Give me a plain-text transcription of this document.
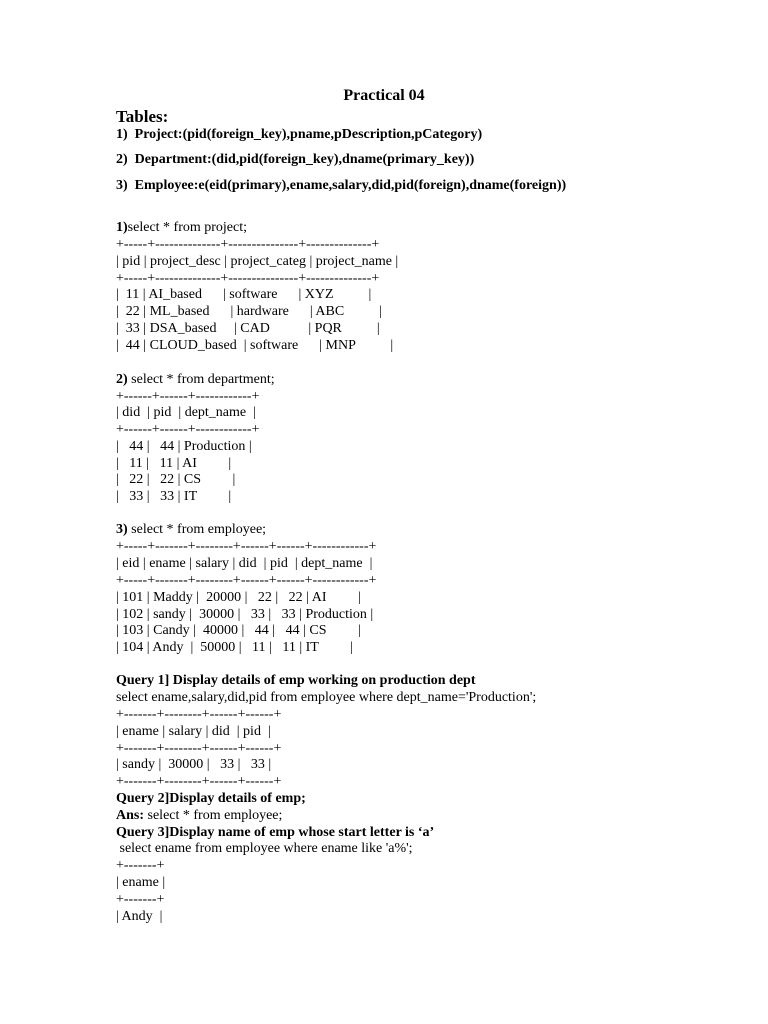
Practical 04
Tables:
1)  Project:(pid(foreign_key),pname,pDescription,pCategory)
2)  Department:(did,pid(foreign_key),dname(primary_key))
3)  Employee:e(eid(primary),ename,salary,did,pid(foreign),dname(foreign))
1)select * from project;
+-----+--------------+---------------+--------------+
| pid | project_desc | project_categ | project_name |
+-----+--------------+---------------+--------------+
|  11 | AI_based      | software      | XYZ          |
|  22 | ML_based      | hardware      | ABC          |
|  33 | DSA_based     | CAD           | PQR          |
|  44 | CLOUD_based  | software      | MNP          |
2) select * from department;
+------+------+------------+
| did  | pid  | dept_name  |
+------+------+------------+
|   44 |   44 | Production |
|   11 |   11 | AI         |
|   22 |   22 | CS         |
|   33 |   33 | IT         |
3) select * from employee;
+-----+-------+--------+------+------+------------+
| eid | ename | salary | did  | pid  | dept_name  |
+-----+-------+--------+------+------+------------+
| 101 | Maddy |  20000 |   22 |   22 | AI         |
| 102 | sandy |  30000 |   33 |   33 | Production |
| 103 | Candy |  40000 |   44 |   44 | CS         |
| 104 | Andy  |  50000 |   11 |   11 | IT         |
Query 1] Display details of emp working on production dept
select ename,salary,did,pid from employee where dept_name='Production';
+-------+--------+------+------+
| ename | salary | did  | pid  |
+-------+--------+------+------+
| sandy |  30000 |   33 |   33 |
+-------+--------+------+------+
Query 2]Display details of emp;
Ans: select * from employee;
Query 3]Display name of emp whose start letter is ‘a’
select ename from employee where ename like 'a%';
+-------+
| ename |
+-------+
| Andy  |
